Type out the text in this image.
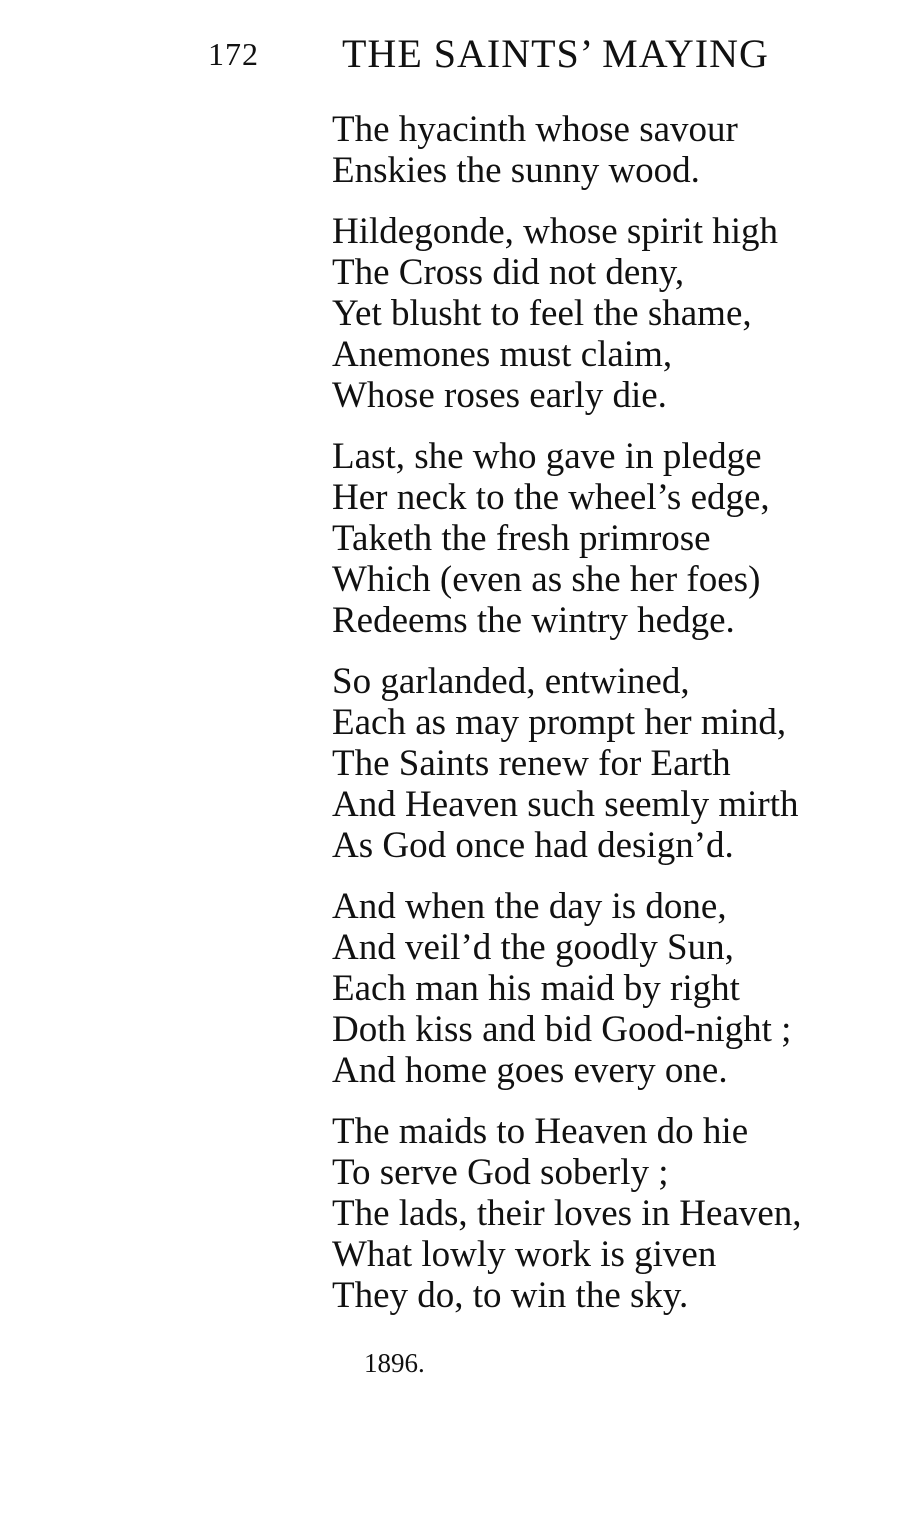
172 THE SAINTS’ MAYING
The hyacinth whose savour
Enskies the sunny wood.
Hildegonde, whose spirit high
The Cross did not deny,
Yet blusht to feel the shame,
Anemones must claim,
Whose roses early die.
Last, she who gave in pledge
Her neck to the wheel’s edge,
Taketh the fresh primrose
Which (even as she her foes)
Redeems the wintry hedge.
So garlanded, entwined,
Each as may prompt her mind,
The Saints renew for Earth
And Heaven such seemly mirth
As God once had design’d.
And when the day is done,
And veil’d the goodly Sun,
Each man his maid by right
Doth kiss and bid Good-night ;
And home goes every one.
The maids to Heaven do hie
To serve God soberly ;
The lads, their loves in Heaven,
What lowly work is given
They do, to win the sky.
1896.
